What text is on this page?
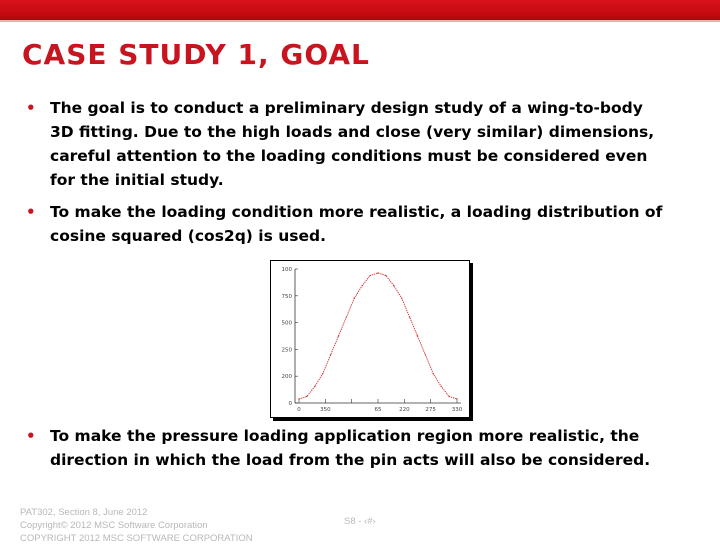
CASE STUDY 1, GOAL
• The goal is to conduct a preliminary design study of a wing-to-body 3D fitting. Due to the high loads and close (very similar) dimensions, careful attention to the loading conditions must be considered even for the initial study.
• To make the loading condition more realistic, a loading distribution of cosine squared (cos2q) is used.
100
750
500
250
200
0
0	350	65	220	275	330
• To make the pressure loading application region more realistic, the direction in which the load from the pin acts will also be considered.
PAT302, Section 8, June 2012
Copyright© 2012 MSC Software Corporation
COPYRIGHT 2012 MSC SOFTWARE CORPORATION
S8 - ‹#›
